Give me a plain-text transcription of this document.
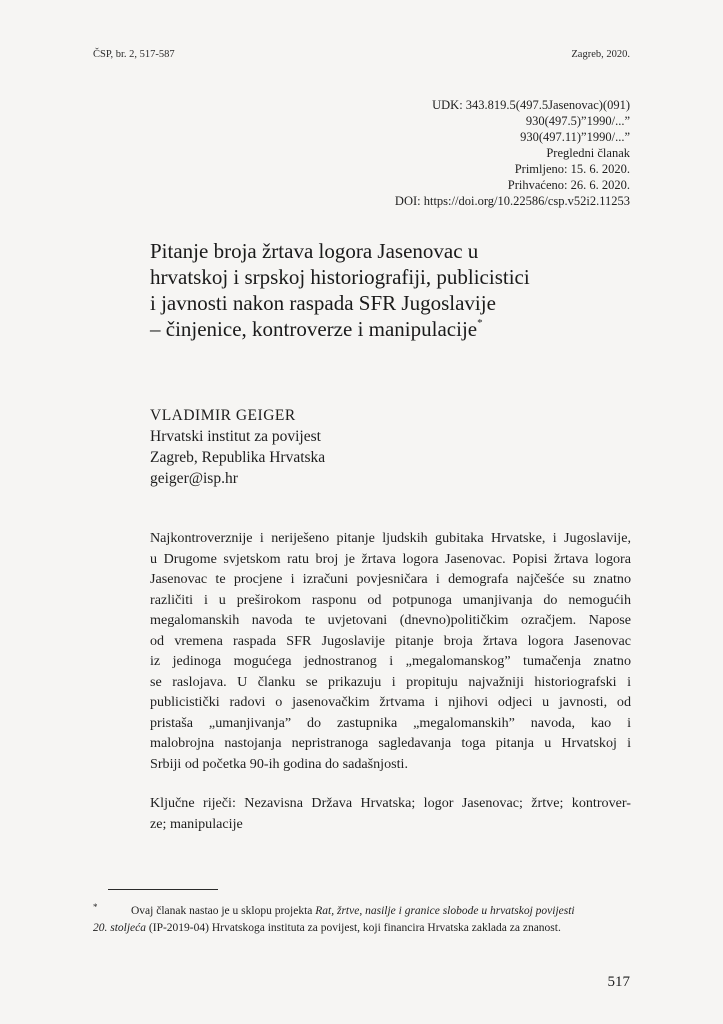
ČSP, br. 2, 517-587	Zagreb, 2020.
UDK: 343.819.5(497.5Jasenovac)(091)
930(497.5)”1990/...”
930(497.11)”1990/...”
Pregledni članak
Primljeno: 15. 6. 2020.
Prihvaćeno: 26. 6. 2020.
DOI: https://doi.org/10.22586/csp.v52i2.11253
Pitanje broja žrtava logora Jasenovac u
hrvatskoj i srpskoj historiografiji, publicistici
i javnosti nakon raspada SFR Jugoslavije
– činjenice, kontroverze i manipulacije*
VLADIMIR GEIGER
Hrvatski institut za povijest
Zagreb, Republika Hrvatska
geiger@isp.hr
Najkontroverznije i neriješeno pitanje ljudskih gubitaka Hrvatske, i Jugoslavije,
u Drugome svjetskom ratu broj je žrtava logora Jasenovac. Popisi žrtava logora
Jasenovac te procjene i izračuni povjesničara i demografa najčešće su znatno
različiti i u preširokom rasponu od potpunoga umanjivanja do nemogućih
megalomanskih navoda te uvjetovani (dnevno)političkim ozračjem. Napose
od vremena raspada SFR Jugoslavije pitanje broja žrtava logora Jasenovac
iz jedinoga mogućega jednostranog i „megalomanskog” tumačenja znatno
se raslojava. U članku se prikazuju i propituju najvažniji historiografski i
publicistički radovi o jasenovačkim žrtvama i njihovi odjeci u javnosti, od
pristaša „umanjivanja” do zastupnika „megalomanskih” navoda, kao i
malobrojna nastojanja nepristranoga sagledavanja toga pitanja u Hrvatskoj i
Srbiji od početka 90-ih godina do sadašnjosti.
Ključne riječi: Nezavisna Država Hrvatska; logor Jasenovac; žrtve; kontrover-
ze; manipulacije
*	Ovaj članak nastao je u sklopu projekta Rat, žrtve, nasilje i granice slobode u hrvatskoj povijesti
20. stoljeća (IP-2019-04) Hrvatskoga instituta za povijest, koji financira Hrvatska zaklada za znanost.
517
